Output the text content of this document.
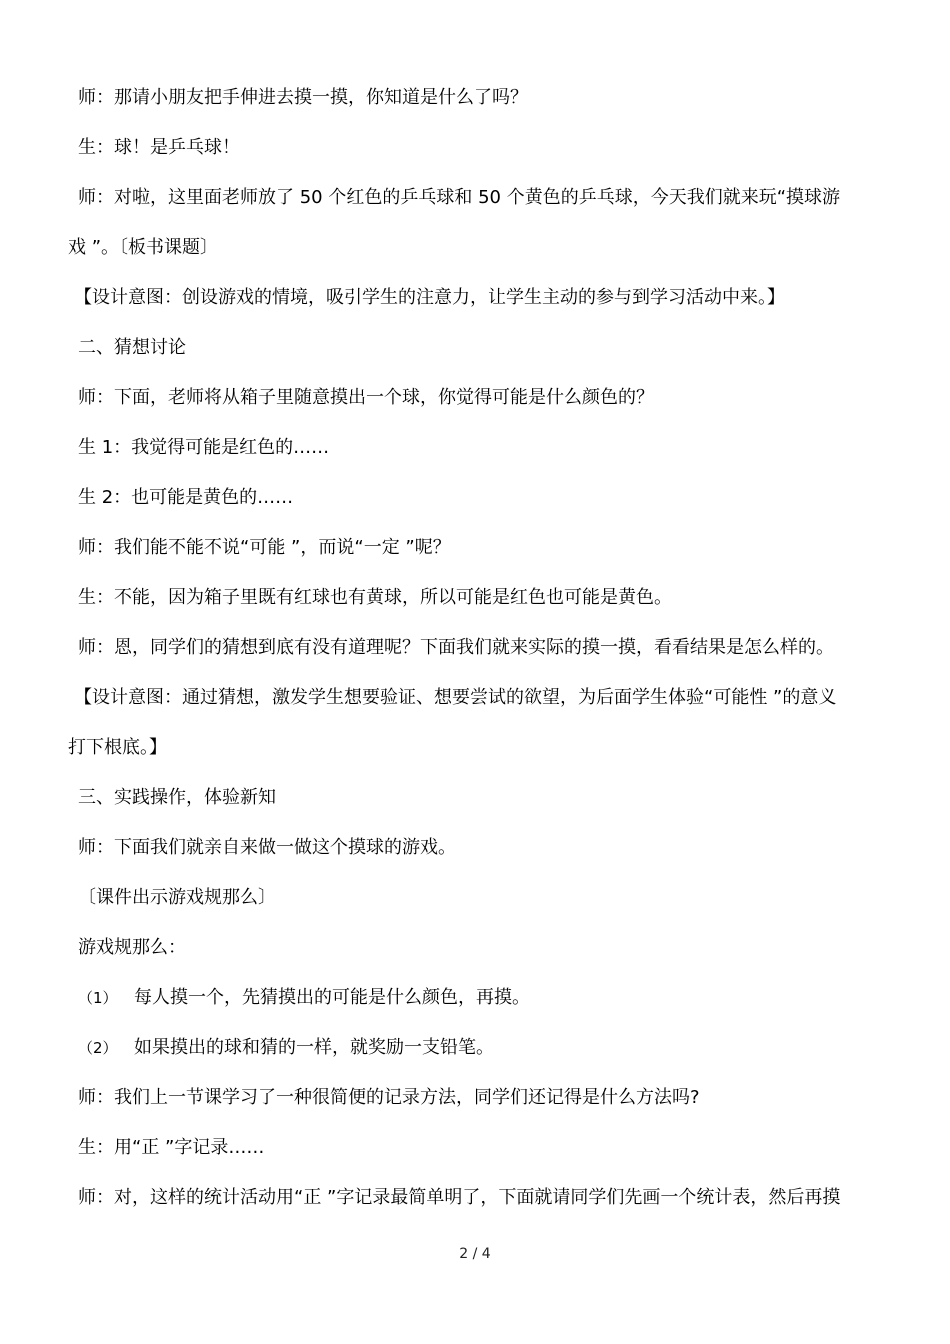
师：那请小朋友把手伸进去摸一摸，你知道是什么了吗？
生：球！是乒乓球！
师：对啦，这里面老师放了 50 个红色的乒乓球和 50 个黄色的乒乓球，今天我们就来玩“摸球游
戏 ”。〔板书课题〕
【设计意图：创设游戏的情境，吸引学生的注意力，让学生主动的参与到学习活动中来。】
二、猜想讨论
师：下面，老师将从箱子里随意摸出一个球，你觉得可能是什么颜色的？
生 1：我觉得可能是红色的……
生 2：也可能是黄色的……
师：我们能不能不说“可能 ”，而说“一定 ”呢？
生：不能，因为箱子里既有红球也有黄球，所以可能是红色也可能是黄色。
师：恩，同学们的猜想到底有没有道理呢？下面我们就来实际的摸一摸，看看结果是怎么样的。
【设计意图：通过猜想，激发学生想要验证、想要尝试的欲望，为后面学生体验“可能性 ”的意义
打下根底。】
三、实践操作，体验新知
师：下面我们就亲自来做一做这个摸球的游戏。
〔课件出示游戏规那么〕
游戏规那么：
（1） 每人摸一个，先猜摸出的可能是什么颜色，再摸。
（2） 如果摸出的球和猜的一样，就奖励一支铅笔。
师：我们上一节课学习了一种很简便的记录方法，同学们还记得是什么方法吗?
生：用“正 ”字记录……
师：对，这样的统计活动用“正 ”字记录最简单明了，下面就请同学们先画一个统计表，然后再摸
2 / 4
